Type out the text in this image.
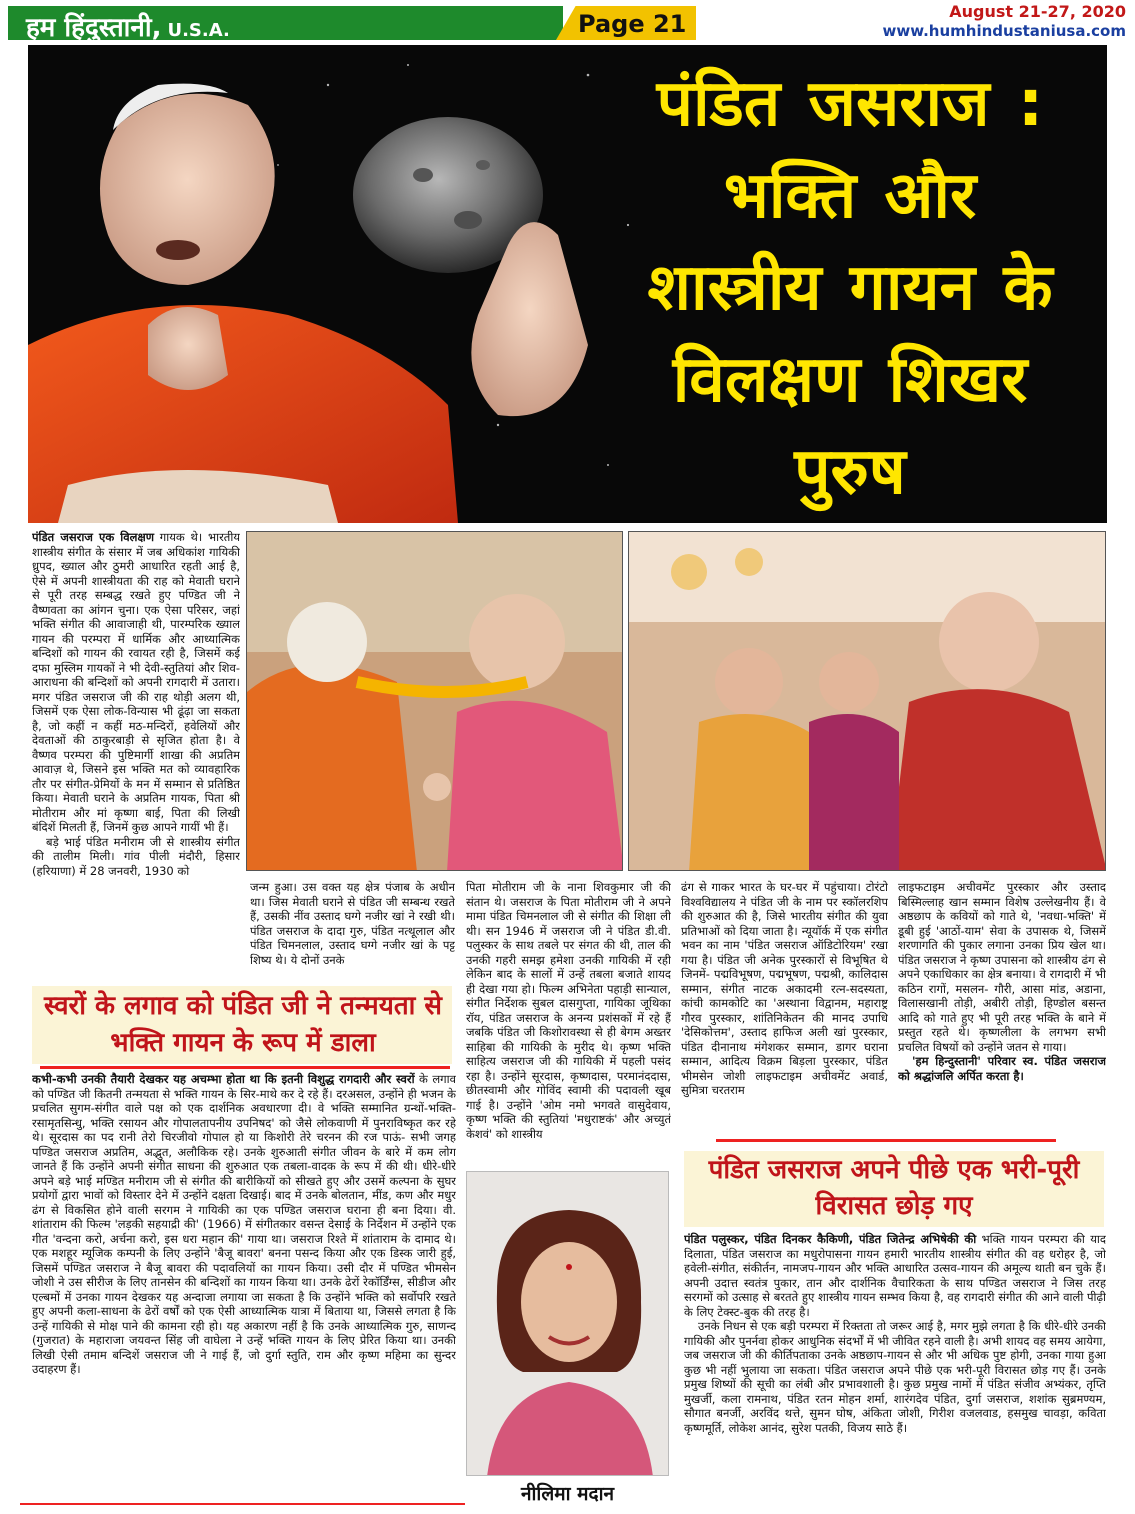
हम हिंदुस्तानी, U.S.A.	Page 21	August 21-27, 2020
www.humhindustaniusa.com
पंडित जसराज :
भक्ति और
शास्त्रीय गायन के
विलक्षण शिखर
पुरुष
पंडित जसराज एक विलक्षण गायक थे। भारतीय शास्त्रीय संगीत के संसार में जब अधिकांश गायिकी ध्रुपद, ख्याल और ठुमरी आधारित रहती आई है, ऐसे में अपनी शास्त्रीयता की राह को मेवाती घराने से पूरी तरह सम्बद्ध रखते हुए पण्डित जी ने वैष्णवता का आंगन चुना। एक ऐसा परिसर, जहां भक्ति संगीत की आवाजाही थी, पारम्परिक ख्याल गायन की परम्परा में धार्मिक और आध्यात्मिक बन्दिशों को गायन की रवायत रही है, जिसमें कई दफा मुस्लिम गायकों ने भी देवी-स्तुतियां और शिव-आराधना की बन्दिशों को अपनी रागदारी में उतारा। मगर पंडित जसराज जी की राह थोड़ी अलग थी, जिसमें एक ऐसा लोक-विन्यास भी ढूंढ़ा जा सकता है, जो कहीं न कहीं मठ-मन्दिरों, हवेलियों और देवताओं की ठाकुरबाड़ी से सृजित होता है। वे वैष्णव परम्परा की पुष्टिमार्गी शाखा की अप्रतिम आवाज़ थे, जिसने इस भक्ति मत को व्यावहारिक तौर पर संगीत-प्रेमियों के मन में सम्मान से प्रतिष्ठित किया। मेवाती घराने के अप्रतिम गायक, पिता श्री मोतीराम और मां कृष्णा बाई, पिता की लिखी बंदिशें मिलती हैं, जिनमें कुछ आपने गायीं भी हैं।
बड़े भाई पंडित मनीराम जी से शास्त्रीय संगीत की तालीम मिली। गांव पीली मंदौरी, हिसार (हरियाणा) में 28 जनवरी, 1930 को
जन्म हुआ। उस वक्त यह क्षेत्र पंजाब के अधीन था। जिस मेवाती घराने से पंडित जी सम्बन्ध रखते हैं, उसकी नींव उस्ताद घग्गे नजीर खां ने रखी थी। पंडित जसराज के दादा गुरु, पंडित नत्थूलाल और पंडित चिमनलाल, उस्ताद घग्गे नजीर खां के पट्ट शिष्य थे। ये दोनों उनके
पिता मोतीराम जी के नाना शिवकुमार जी की संतान थे। जसराज के पिता मोतीराम जी ने अपने मामा पंडित चिमनलाल जी से संगीत की शिक्षा ली थी। सन 1946 में जसराज जी ने पंडित डी.वी. पलुस्कर के साथ तबले पर संगत की थी, ताल की उनकी गहरी समझ हमेशा उनकी गायिकी में रही लेकिन बाद के सालों में उन्हें तबला बजाते शायद ही देखा गया हो। फिल्म अभिनेता पहाड़ी सान्याल, संगीत निर्देशक सुबल दासगुप्ता, गायिका जूथिका रॉय, पंडित जसराज के अनन्य प्रशंसकों में रहे हैं जबकि पंडित जी किशोरावस्था से ही बेगम अख्तर साहिबा की गायिकी के मुरीद थे। कृष्ण भक्ति साहित्य जसराज जी की गायिकी में पहली पसंद रहा है। उन्होंने सूरदास, कृष्णदास, परमानंददास, छीतस्वामी और गोविंद स्वामी की पदावली खूब गाई है। उन्होंने 'ओम नमो भगवते वासुदेवाय, कृष्ण भक्ति की स्तुतियां 'मधुराष्टकं' और अच्युतं केशवं' को शास्त्रीय
ढंग से गाकर भारत के घर-घर में पहुंचाया। टोरंटो विश्वविद्यालय ने पंडित जी के नाम पर स्कॉलरशिप की शुरुआत की है, जिसे भारतीय संगीत की युवा प्रतिभाओं को दिया जाता है। न्यूयॉर्क में एक संगीत भवन का नाम 'पंडित जसराज ऑडिटोरियम' रखा गया है। पंडित जी अनेक पुरस्कारों से विभूषित थे जिनमें- पद्मविभूषण, पद्मभूषण, पद्मश्री, कालिदास सम्मान, संगीत नाटक अकादमी रत्न-सदस्यता, कांची कामकोटि का 'अस्थाना विद्वानम, महाराष्ट्र गौरव पुरस्कार, शांतिनिकेतन की मानद उपाधि 'देसिकोत्तम', उस्ताद हाफिज अली खां पुरस्कार, पंडित दीनानाथ मंगेशकर सम्मान, डागर घराना सम्मान, आदित्य विक्रम बिड़ला पुरस्कार, पंडित भीमसेन जोशी लाइफटाइम अचीवमेंट अवार्ड, सुमित्रा चरतराम
लाइफटाइम अचीवमेंट पुरस्कार और उस्ताद बिस्मिल्लाह खान सम्मान विशेष उल्लेखनीय हैं। वे अष्ठछाप के कवियों को गाते थे, 'नवधा-भक्ति' में डूबी हुई 'आठों-याम' सेवा के उपासक थे, जिसमें शरणागति की पुकार लगाना उनका प्रिय खेल था। पंडित जसराज ने कृष्ण उपासना को शास्त्रीय ढंग से अपने एकाधिकार का क्षेत्र बनाया। वे रागदारी में भी कठिन रागों, मसलन- गौरी, आसा मांड, अडाना, विलासखानी तोड़ी, अबीरी तोड़ी, हिण्डोल बसन्त आदि को गाते हुए भी पूरी तरह भक्ति के बाने में प्रस्तुत रहते थे। कृष्णलीला के लगभग सभी प्रचलित विषयों को उन्होंने जतन से गाया।
'हम हिन्दुस्तानी' परिवार स्व. पंडित जसराज को श्रद्धांजलि अर्पित करता है।
स्वरों के लगाव को पंडित जी ने तन्मयता से भक्ति गायन के रूप में डाला
कभी-कभी उनकी तैयारी देखकर यह अचम्भा होता था कि इतनी विशुद्ध रागदारी और स्वरों के लगाव को पण्डित जी कितनी तन्मयता से भक्ति गायन के सिर-माथे कर दे रहे हैं। दरअसल, उन्होंने ही भजन के प्रचलित सुगम-संगीत वाले पक्ष को एक दार्शनिक अवधारणा दी। वे भक्ति सम्मानित ग्रन्थों-भक्ति-रसामृतसिन्धु, भक्ति रसायन और गोपालतापनीय उपनिषद' को जैसे लोकवाणी में पुनराविष्कृत कर रहे थे। सूरदास का पद रानी तेरो चिरजीवो गोपाल हो या किशोरी तेरे चरनन की रज पाऊं- सभी जगह पण्डित जसराज अप्रतिम, अद्भुत, अलौकिक रहे। उनके शुरुआती संगीत जीवन के बारे में कम लोग जानते हैं कि उन्होंने अपनी संगीत साधना की शुरुआत एक तबला-वादक के रूप में की थी। धीरे-धीरे अपने बड़े भाई मण्डित मनीराम जी से संगीत की बारीकियों को सीखते हुए और उसमें कल्पना के सुघर प्रयोगों द्वारा भावों को विस्तार देने में उन्होंने दक्षता दिखाई। बाद में उनके बोलतान, मींड, कण और मधुर ढंग से विकसित होने वाली सरगम ने गायिकी का एक पण्डित जसराज घराना ही बना दिया। वी. शांताराम की फिल्म 'लड़की सहयाद्री की' (1966) में संगीतकार वसन्त देसाई के निर्देशन में उन्होंने एक गीत 'वन्दना करो, अर्चना करो, इस धरा महान की' गाया था। जसराज रिश्ते में शांताराम के दामाद थे। एक मशहूर म्यूजिक कम्पनी के लिए उन्होंने 'बैजू बावरा' बनना पसन्द किया और एक डिस्क जारी हुई, जिसमें पण्डित जसराज ने बैजू बावरा की पदावलियों का गायन किया। उसी दौर में पण्डित भीमसेन जोशी ने उस सीरीज के लिए तानसेन की बन्दिशों का गायन किया था। उनके ढेरों रेकॉर्डिंग्स, सीडीज और एल्बमों में उनका गायन देखकर यह अन्दाजा लगाया जा सकता है कि उन्होंने भक्ति को सर्वोपरि रखते हुए अपनी कला-साधना के ढेरों वर्षों को एक ऐसी आध्यात्मिक यात्रा में बिताया था, जिससे लगता है कि उन्हें गायिकी से मोक्ष पाने की कामना रही हो। यह अकारण नहीं है कि उनके आध्यात्मिक गुरु, साणन्द (गुजरात) के महाराजा जयवन्त सिंह जी वाघेला ने उन्हें भक्ति गायन के लिए प्रेरित किया था। उनकी लिखी ऐसी तमाम बन्दिशें जसराज जी ने गाई हैं, जो दुर्गा स्तुति, राम और कृष्ण महिमा का सुन्दर उदाहरण हैं।
नीलिमा मदान
पंडित जसराज अपने पीछे एक भरी-पूरी विरासत छोड़ गए
पंडित पलुस्कर, पंडित दिनकर कैकिणी, पंडित जितेन्द्र अभिषेकी की भक्ति गायन परम्परा की याद दिलाता, पंडित जसराज का मधुरोपासना गायन हमारी भारतीय शास्त्रीय संगीत की वह धरोहर है, जो हवेली-संगीत, संकीर्तन, नामजप-गायन और भक्ति आधारित उत्सव-गायन की अमूल्य थाती बन चुके हैं। अपनी उदात्त स्वतंत्र पुकार, तान और दार्शनिक वैचारिकता के साथ पण्डित जसराज ने जिस तरह सरगमों को उत्साह से बरतते हुए शास्त्रीय गायन सम्भव किया है, वह रागदारी संगीत की आने वाली पीढ़ी के लिए टेक्स्ट-बुक की तरह है।
उनके निधन से एक बड़ी परम्परा में रिक्तता तो जरूर आई है, मगर मुझे लगता है कि धीरे-धीरे उनकी गायिकी और पुनर्नवा होकर आधुनिक संदर्भों में भी जीवित रहने वाली है। अभी शायद वह समय आयेगा, जब जसराज जी की कीर्तिपताका उनके अष्ठछाप-गायन से और भी अधिक पुष्ट होगी, उनका गाया हुआ कुछ भी नहीं भुलाया जा सकता। पंडित जसराज अपने पीछे एक भरी-पूरी विरासत छोड़ गए हैं। उनके प्रमुख शिष्यों की सूची का लंबी और प्रभावशाली है। कुछ प्रमुख नामों में पंडित संजीव अभ्यंकर, तृप्ति मुखर्जी, कला रामनाथ, पंडित रतन मोहन शर्मा, शारंगदेव पंडित, दुर्गा जसराज, शशांक सुब्रमण्यम, सौगात बनर्जी, अरविंद थत्ते, सुमन घोष, अंकिता जोशी, गिरीश वजलवाड, हसमुख चावड़ा, कविता कृष्णमूर्ति, लोकेश आनंद, सुरेश पतकी, विजय साठे हैं।
